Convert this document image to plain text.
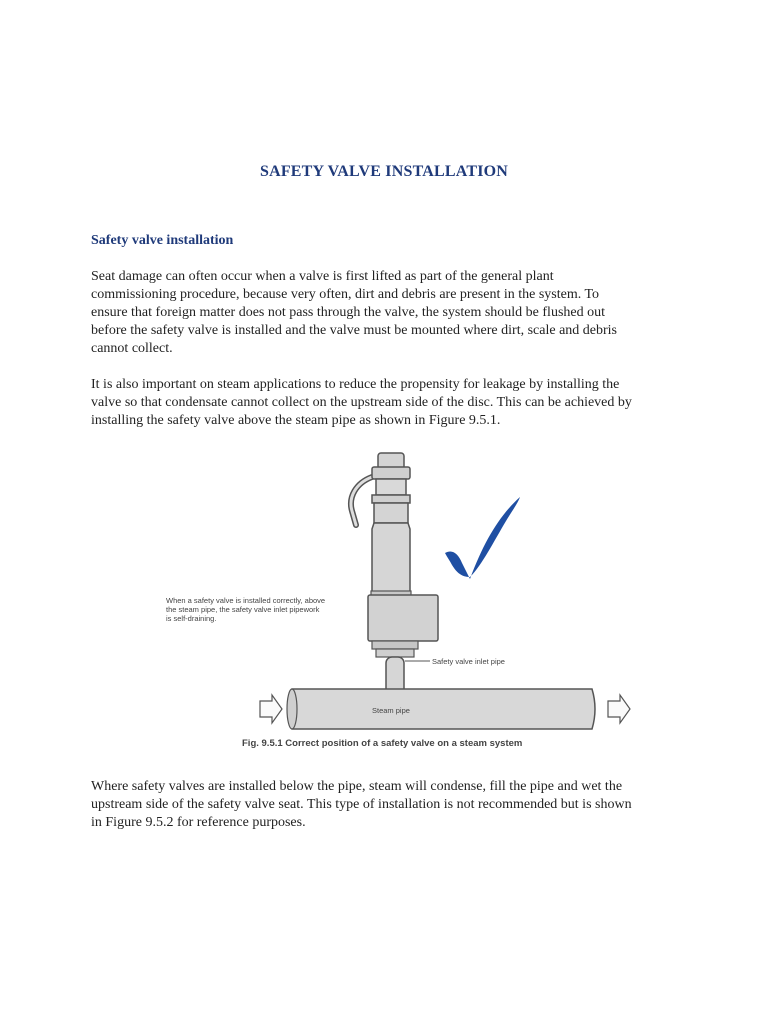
SAFETY VALVE INSTALLATION
Safety valve installation
Seat damage can often occur when a valve is first lifted as part of the general plant
commissioning procedure, because very often, dirt and debris are present in the system. To
ensure that foreign matter does not pass through the valve, the system should be flushed out
before the safety valve is installed and the valve must be mounted where dirt, scale and debris
cannot collect.
It is also important on steam applications to reduce the propensity for leakage by installing the
valve so that condensate cannot collect on the upstream side of the disc. This can be achieved by
installing the safety valve above the steam pipe as shown in Figure 9.5.1.
When a safety valve is installed correctly, above
the steam pipe, the safety valve inlet pipework
is self-draining.
Safety valve inlet pipe
Steam pipe
Fig. 9.5.1 Correct position of a safety valve on a steam system
Where safety valves are installed below the pipe, steam will condense, fill the pipe and wet the
upstream side of the safety valve seat. This type of installation is not recommended but is shown
in Figure 9.5.2 for reference purposes.
